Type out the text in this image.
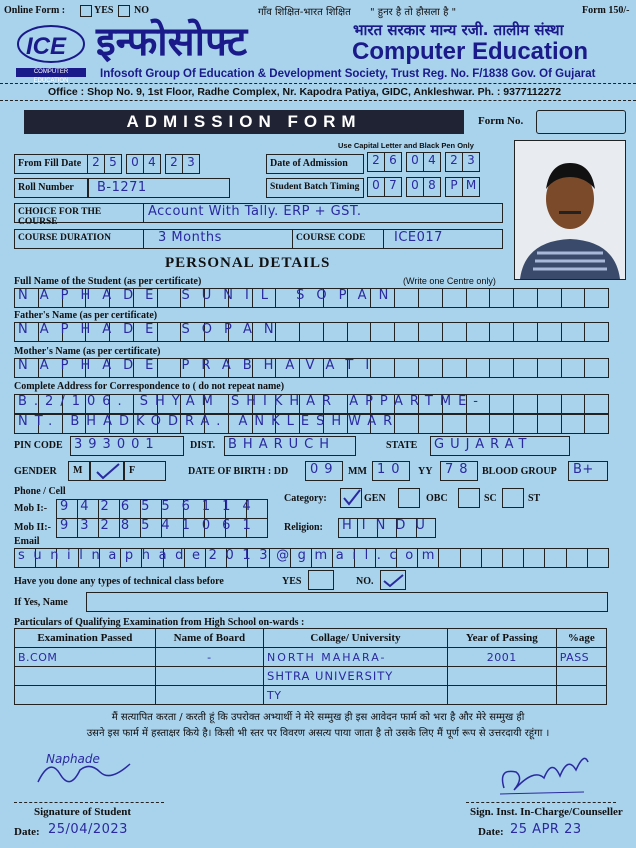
Online Form :	YES NO	गाँव शिक्षित-भारत शिक्षित " हुनर है तो हौसला है "	Form 150/-
ICE
COMPUTER EDUCATION
इन्फोसोफ्ट	भारत सरकार मान्य रजी. तालीम संस्था
Computer Education
Infosoft Group Of Education & Development Society, Trust Reg. No. F/1838 Gov. Of Gujarat
Office : Shop No. 9, 1st Floor, Radhe Complex, Nr. Kapodra Patiya, GIDC, Ankleshwar. Ph. : 9377112272
ADMISSION FORM	Form No.
Use Capital Letter and Black Pen Only
From Fill Date 2 5	0 4	2 3	Date of Admission	2 6	0 4	2 3
Roll Number	B-1271	Student Batch Timing	0 7	0 8	P M
CHOICE FOR THE COURSE
Account With Tally. ERP + GST.
COURSE DURATION	3 Months	COURSE CODE	ICE017
PERSONAL DETAILS
Full Name of the Student (as per certificate)	(Write one Centre only)
NAPHADE SUNIL SOPAN
Father's Name (as per certificate)
NAPHADE SOPAN
Mother's Name (as per certificate)
NAPHADE PRABHAVATI
Complete Address for Correspondence to ( do not repeat name)
B.2/106. SHYAM SHIKHAR APPARTME-
NT. BHADKODRA. ANKLESHWAR
PIN CODE 393001	DIST. BHARUCH	STATE GUJARAT
GENDER	M	F	DATE OF BIRTH : DD	09 MM 10	YY 78 BLOOD GROUP	B+
Phone / Cell
Mob I:- 9426556114
Mob II:- 9328541061
Category:	GEN	OBC	SC	ST
Religion: HINDU
Email
sunilnaphade2013@gmail.com
Have you done any types of technical class before	YES	NO.
If Yes, Name
Particulars of Qualifying Examination from High School on-wards :
Examination Passed	Name of Board	Collage/ University	Year of Passing	%age
B.COM	-	NORTH MAHARA-	2001	PASS
		SHTRA UNIVERSITY		
		TY		
मैं सत्यापित करता / करती हूं कि उपरोक्त अभ्यार्थी ने मेरे सम्मुख ही इस आवेदन फार्म को भरा है और मेरे सम्मुख ही
उसने इस फार्म में हस्ताक्षर किये है। किसी भी स्तर पर विवरण असत्य पाया जाता है तो उसके लिए मैं पूर्ण रूप से उत्तरदायी रहूंगा ।
Naphade
Signature of Student
Date: 25/04/2023
Sign. Inst. In-Charge/Counseller
Date: 25 APR 23
